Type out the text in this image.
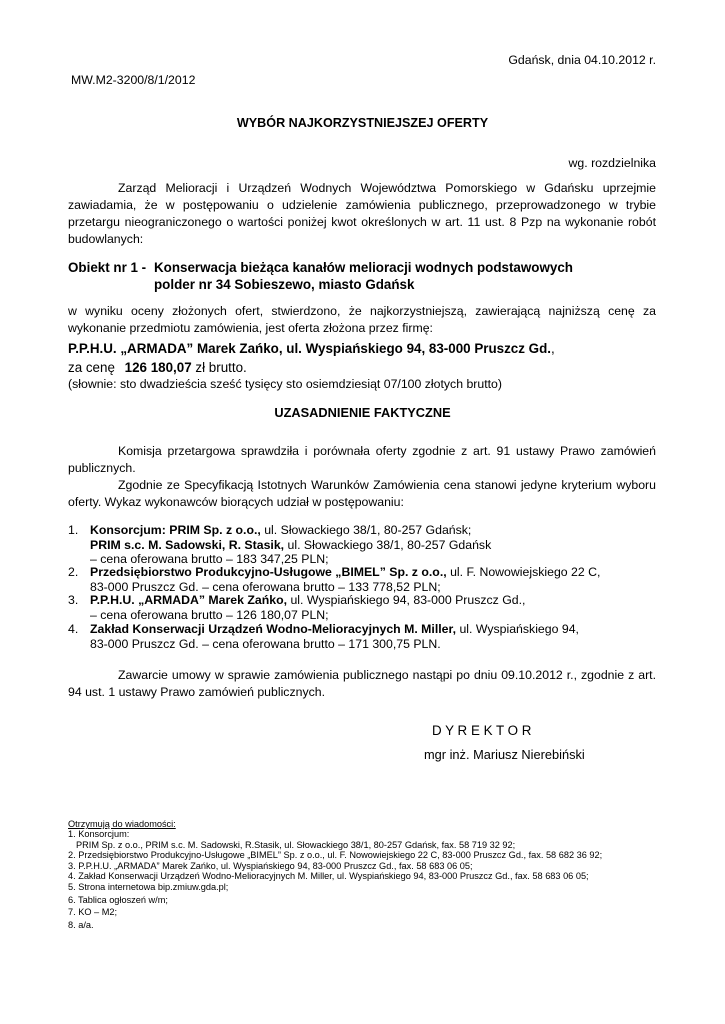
Gdańsk, dnia 04.10.2012 r.
MW.M2-3200/8/1/2012
WYBÓR NAJKORZYSTNIEJSZEJ OFERTY
wg. rozdzielnika
Zarząd Melioracji i Urządzeń Wodnych Województwa Pomorskiego w Gdańsku uprzejmie zawiadamia, że w postępowaniu o udzielenie zamówienia publicznego, przeprowadzonego w trybie przetargu nieograniczonego o wartości poniżej kwot określonych w art. 11 ust. 8 Pzp na wykonanie robót budowlanych:
Obiekt nr 1 - Konserwacja bieżąca kanałów melioracji wodnych podstawowych
polder nr 34 Sobieszewo, miasto Gdańsk
w wyniku oceny złożonych ofert, stwierdzono, że najkorzystniejszą, zawierającą najniższą cenę za wykonanie przedmiotu zamówienia, jest oferta złożona przez firmę:
P.P.H.U. „ARMADA” Marek Zańko, ul. Wyspiańskiego 94, 83-000 Pruszcz Gd.,
za cenę 126 180,07 zł brutto.
(słownie: sto dwadzieścia sześć tysięcy sto osiemdziesiąt 07/100 złotych brutto)
UZASADNIENIE FAKTYCZNE
Komisja przetargowa sprawdziła i porównała oferty zgodnie z art. 91 ustawy Prawo zamówień publicznych.
Zgodnie ze Specyfikacją Istotnych Warunków Zamówienia cena stanowi jedyne kryterium wyboru oferty. Wykaz wykonawców biorących udział w postępowaniu:
1. Konsorcjum: PRIM Sp. z o.o., ul. Słowackiego 38/1, 80-257 Gdańsk;
PRIM s.c. M. Sadowski, R. Stasik, ul. Słowackiego 38/1, 80-257 Gdańsk
– cena oferowana brutto – 183 347,25 PLN;
2. Przedsiębiorstwo Produkcyjno-Usługowe „BIMEL” Sp. z o.o., ul. F. Nowowiejskiego 22 C,
83-000 Pruszcz Gd. – cena oferowana brutto – 133 778,52 PLN;
3. P.P.H.U. „ARMADA” Marek Zańko, ul. Wyspiańskiego 94, 83-000 Pruszcz Gd.,
– cena oferowana brutto – 126 180,07 PLN;
4. Zakład Konserwacji Urządzeń Wodno-Melioracyjnych M. Miller, ul. Wyspiańskiego 94,
83-000 Pruszcz Gd. – cena oferowana brutto – 171 300,75 PLN.
Zawarcie umowy w sprawie zamówienia publicznego nastąpi po dniu 09.10.2012 r., zgodnie z art. 94 ust. 1 ustawy Prawo zamówień publicznych.
D Y R E K T O R
mgr inż. Mariusz Nierebiński
Otrzymują do wiadomości:
1. Konsorcjum:
PRIM Sp. z o.o., PRIM s.c. M. Sadowski, R.Stasik, ul. Słowackiego 38/1, 80-257 Gdańsk, fax. 58 719 32 92;
2. Przedsiębiorstwo Produkcyjno-Usługowe „BIMEL” Sp. z o.o., ul. F. Nowowiejskiego 22 C, 83-000 Pruszcz Gd., fax. 58 682 36 92;
3. P.P.H.U. „ARMADA” Marek Zańko, ul. Wyspiańskiego 94, 83-000 Pruszcz Gd., fax. 58 683 06 05;
4. Zakład Konserwacji Urządzeń Wodno-Melioracyjnych M. Miller, ul. Wyspiańskiego 94, 83-000 Pruszcz Gd., fax. 58 683 06 05;
5. Strona internetowa bip.zmiuw.gda.pl;
6. Tablica ogłoszeń w/m;
7. KO – M2;
8. a/a.
